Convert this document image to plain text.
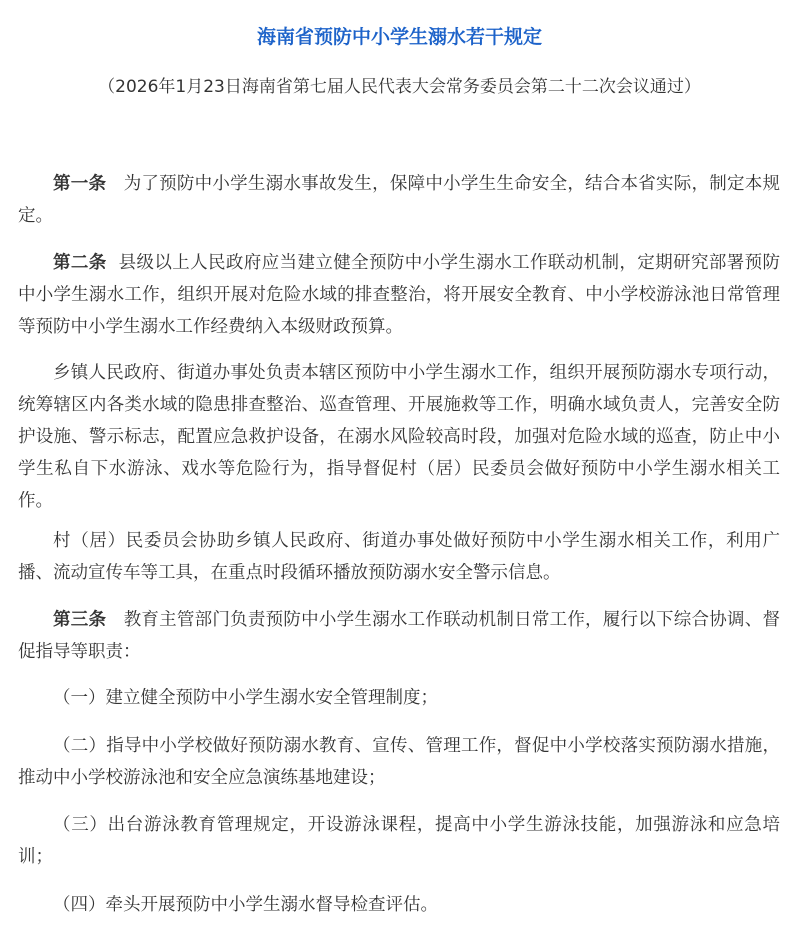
海南省预防中小学生溺水若干规定

（2026年1月23日海南省第七届人民代表大会常务委员会第二十二次会议通过）

第一条 为了预防中小学生溺水事故发生，保障中小学生生命安全，结合本省实际，制定本规定。

第二条 县级以上人民政府应当建立健全预防中小学生溺水工作联动机制，定期研究部署预防中小学生溺水工作，组织开展对危险水域的排查整治，将开展安全教育、中小学校游泳池日常管理等预防中小学生溺水工作经费纳入本级财政预算。

乡镇人民政府、街道办事处负责本辖区预防中小学生溺水工作，组织开展预防溺水专项行动，统筹辖区内各类水域的隐患排查整治、巡查管理、开展施救等工作，明确水域负责人，完善安全防护设施、警示标志，配置应急救护设备，在溺水风险较高时段，加强对危险水域的巡查，防止中小学生私自下水游泳、戏水等危险行为，指导督促村（居）民委员会做好预防中小学生溺水相关工作。

村（居）民委员会协助乡镇人民政府、街道办事处做好预防中小学生溺水相关工作，利用广播、流动宣传车等工具，在重点时段循环播放预防溺水安全警示信息。

第三条 教育主管部门负责预防中小学生溺水工作联动机制日常工作，履行以下综合协调、督促指导等职责：

（一）建立健全预防中小学生溺水安全管理制度；

（二）指导中小学校做好预防溺水教育、宣传、管理工作，督促中小学校落实预防溺水措施，推动中小学校游泳池和安全应急演练基地建设；

（三）出台游泳教育管理规定，开设游泳课程，提高中小学生游泳技能，加强游泳和应急培训；

（四）牵头开展预防中小学生溺水督导检查评估。
